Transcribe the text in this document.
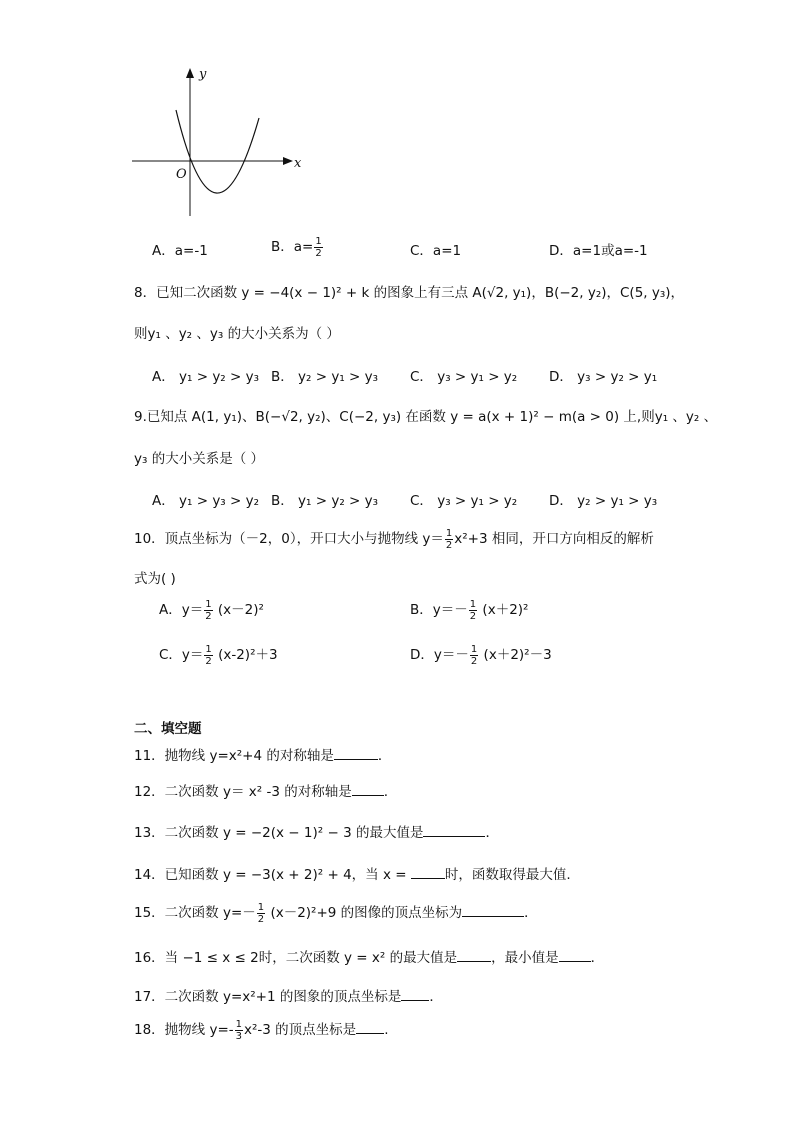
y
x
O
A．a=-1	B．$a= \frac{1}{2}$	C．a=1	D．a=1或a=-1
8．已知二次函数 y = −4(x − 1)² + k 的图象上有三点 A(√2, y₁)，B(−2, y₂)，C(5, y₃)，
则y₁ 、y₂ 、y₃ 的大小关系为（ ）
A． y₁ > y₂ > y₃ B． y₂ > y₁ > y₃ C． y₃ > y₁ > y₂ D． y₃ > y₂ > y₁
9.已知点 A(1, y₁)、B(−√2, y₂)、C(−2, y₃) 在函数 y = a(x + 1)² − m(a > 0) 上,则y₁ 、y₂ 、
y₃ 的大小关系是（ ）
A． y₁ > y₃ > y₂ B． y₁ > y₂ > y₃ C． y₃ > y₁ > y₂ D． y₂ > y₁ > y₃
10．顶点坐标为（－2，0），开口大小与抛物线 $y= \frac{1}{2} x^2+3$ 相同，开口方向相反的解析
式为( )
A．$y= \frac{1}{2} (x-2)^2$	B．$y=- \frac{1}{2} (x+2)^2$
C．$y= \frac{1}{2} (x-2)^2+3$	D．$y=- \frac{1}{2} (x+2)^2-3$
二、填空题
11．抛物线 y=x²+4 的对称轴是	．
12．二次函数 y＝ x² -3 的对称轴是 .
13．二次函数 y = −2(x − 1)² − 3 的最大值是	．
14．已知函数 y = −3(x + 2)² + 4，当 x =	时，函数取得最大值.
15．二次函数 $y=- \frac{1}{2} (x-2)^2+9$ 的图像的顶点坐标为	．
16．当 −1 ≤ x ≤ 2时，二次函数 y = x² 的最大值是	，最小值是 ．
17．二次函数 y=x²+1 的图象的顶点坐标是 ．
18．抛物线 $y=- \frac{1}{3} x^2-3$ 的顶点坐标是 .
